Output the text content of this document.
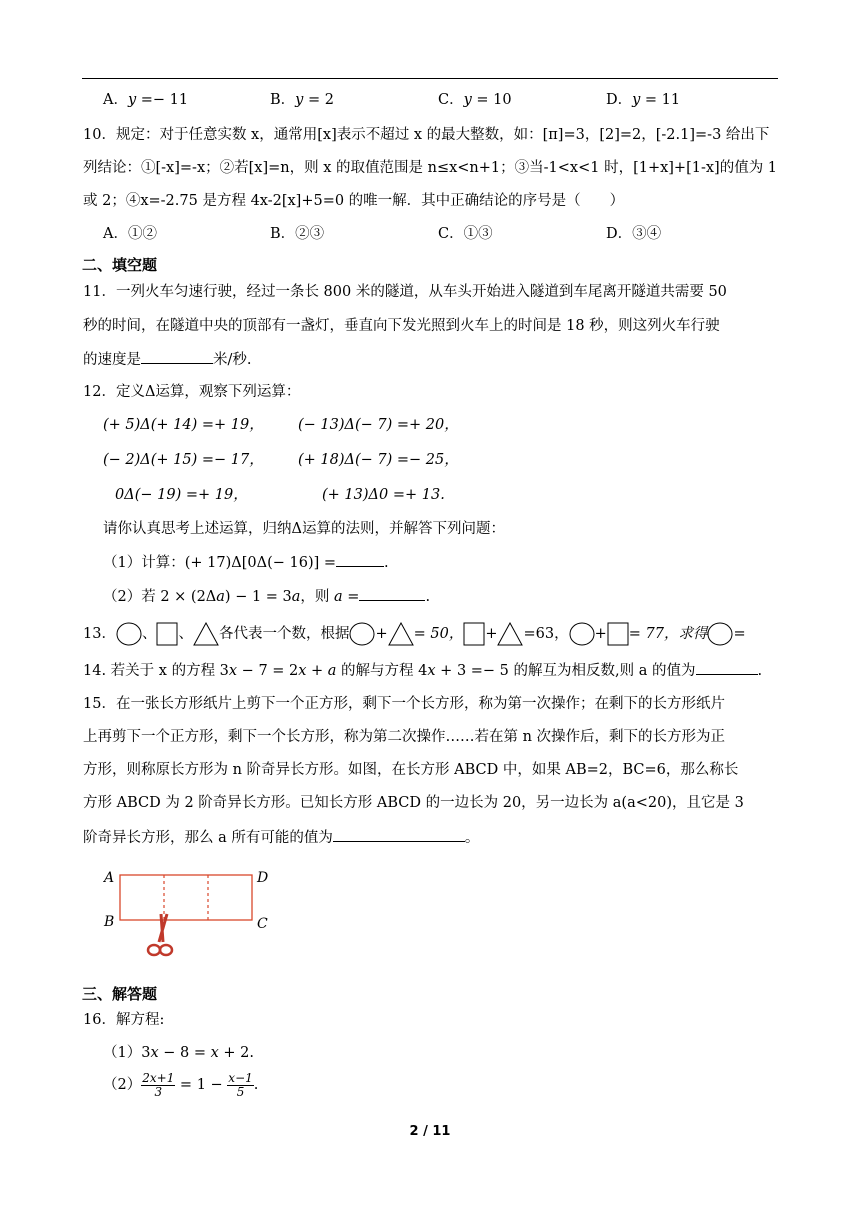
A．𝑦 =− 11	B．𝑦 = 2	C．𝑦 = 10	D．𝑦 = 11
10．规定：对于任意实数 x，通常用[x]表示不超过 x 的最大整数，如：[π]=3，[2]=2，[-2.1]=-3 给出下
列结论：①[-x]=-x；②若[x]=n，则 x 的取值范围是 n≤x<n+1；③当-1<x<1 时，[1+x]+[1-x]的值为 1
或 2；④x=-2.75 是方程 4x-2[x]+5=0 的唯一解．其中正确结论的序号是（　　）
A．①②	B．②③	C．①③	D．③④
二、填空题
11．一列火车匀速行驶，经过一条长 800 米的隧道，从车头开始进入隧道到车尾离开隧道共需要 50
秒的时间，在隧道中央的顶部有一盏灯，垂直向下发光照到火车上的时间是 18 秒，则这列火车行驶
的速度是	米/秒.
12．定义Δ运算，观察下列运算：
(+ 5)Δ(+ 14) =+ 19， (− 13)Δ(− 7) =+ 20，
(− 2)Δ(+ 15) =− 17， (+ 18)Δ(− 7) =− 25，
0Δ(− 19) =+ 19，	(+ 13)Δ0 =+ 13.
请你认真思考上述运算，归纳Δ运算的法则，并解答下列问题：
（1）计算：(+ 17)Δ[0Δ(− 16)] =	.
（2）若 2 × (2Δ𝑎) − 1 = 3𝑎，则 𝑎 =	.
13． 、 、 各代表一个数，根据 + = 50， + =63， + = 77，求得 =
14. 若关于 x 的方程 3𝑥 − 7 = 2𝑥 + 𝑎 的解与方程 4𝑥 + 3 =− 5 的解互为相反数,则 a 的值为	.
15．在一张长方形纸片上剪下一个正方形，剩下一个长方形，称为第一次操作；在剩下的长方形纸片
上再剪下一个正方形，剩下一个长方形，称为第二次操作……若在第 n 次操作后，剩下的长方形为正
方形，则称原长方形为 n 阶奇异长方形。如图，在长方形 ABCD 中，如果 AB=2，BC=6，那么称长
方形 ABCD 为 2 阶奇异长方形。已知长方形 ABCD 的一边长为 20，另一边长为 a(a<20)，且它是 3
阶奇异长方形，那么 a 所有可能的值为	。
A
B
D
C
三、解答题
16．解方程:
（1）3𝑥 − 8 = 𝑥 + 2.
$(2) \frac{\text{2𝑥+1}}{3} = 1 - \frac{\text{𝑥−1}}{5}$ .
2 / 11
